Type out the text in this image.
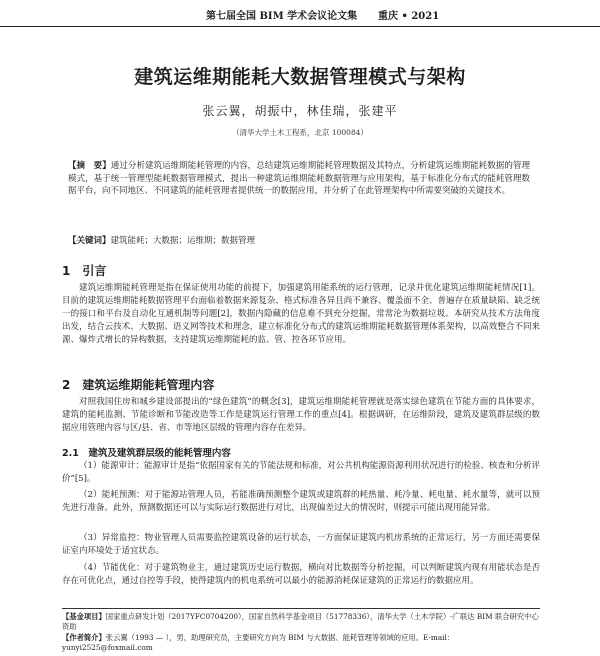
第七届全国 BIM 学术会议论文集 重庆 • 2021
建筑运维期能耗大数据管理模式与架构
张云翼，胡振中，林佳瑞，张建平
（清华大学土木工程系，北京 100084）
【摘　要】通过分析建筑运维期能耗管理的内容，总结建筑运维期能耗管理数据及其特点，分析建筑运维期能耗数据的管理模式，基于统一管理型能耗数据管理模式，提出一种建筑运维期能耗数据管理与应用架构，基于标准化分布式的能耗管理数据平台，向不同地区、不同建筑的能耗管理者提供统一的数据应用，并分析了在此管理架构中所需要突破的关键技术。
【关键词】建筑能耗；大数据；运维期；数据管理
1　引言
建筑运维期能耗管理是指在保证使用功能的前提下，加强建筑用能系统的运行管理，记录并优化建筑运维期能耗情况[1]。目前的建筑运维期能耗数据管理平台面临着数据来源复杂、格式标准各异且尚不兼容、覆盖面不全、普遍存在质量缺陷、缺乏统一的接口和平台及自动化互通机制等问题[2]，数据内隐藏的信息难不到充分挖掘，常常沦为数据垃圾。本研究从技术方法角度出发，结合云技术、大数据、语义网等技术和理念，建立标准化分布式的建筑运维期能耗数据管理体系架构，以高效整合不同来源、爆炸式增长的异构数据，支持建筑运维期能耗的监、管、控各环节应用。
2　建筑运维期能耗管理内容
对照我国住房和城乡建设部提出的“绿色建筑”的概念[3]，建筑运维期能耗管理就是落实绿色建筑在节能方面的具体要求，建筑的能耗监测、节能诊断和节能改造等工作是建筑运行管理工作的重点[4]。根据调研，在运维阶段，建筑及建筑群层级的数据应用管理内容与区/县、省、市等地区层级的管理内容存在差异。
2.1　建筑及建筑群层级的能耗管理内容
（1）能源审计：能源审计是指“依据国家有关的节能法规和标准，对公共机构能源资源利用状况进行的检验、核查和分析评价”[5]。
（2）能耗预测：对于能源站管理人员，若能准确预测整个建筑或建筑群的耗热量、耗冷量、耗电量、耗水量等，就可以预先进行准备。此外，预测数据还可以与实际运行数据进行对比，出现偏差过大的情况时，则提示可能出现用能异常。
（3）异常监控：物业管理人员需要监控建筑设备的运行状态，一方面保证建筑内机房系统的正常运行，另一方面还需要保证室内环境处于适宜状态。
（4）节能优化：对于建筑物业主，通过建筑历史运行数据，横向对比数据等分析挖掘，可以判断建筑内现有用能状态是否存在可优化点，通过自控等手段，使得建筑内的机电系统可以最小的能源消耗保证建筑的正常运行的数据应用。
【基金项目】国家重点研发计划（2017YFC0704200），国家自然科学基金项目（51778336），清华大学（土木学院）-广联达 BIM 联合研究中心资助
【作者简介】张云翼（1993 — ），男，助理研究员，主要研究方向为 BIM 与大数据、能耗管理等领域的应用。E-mail：yunyi2525@foxmail.com
